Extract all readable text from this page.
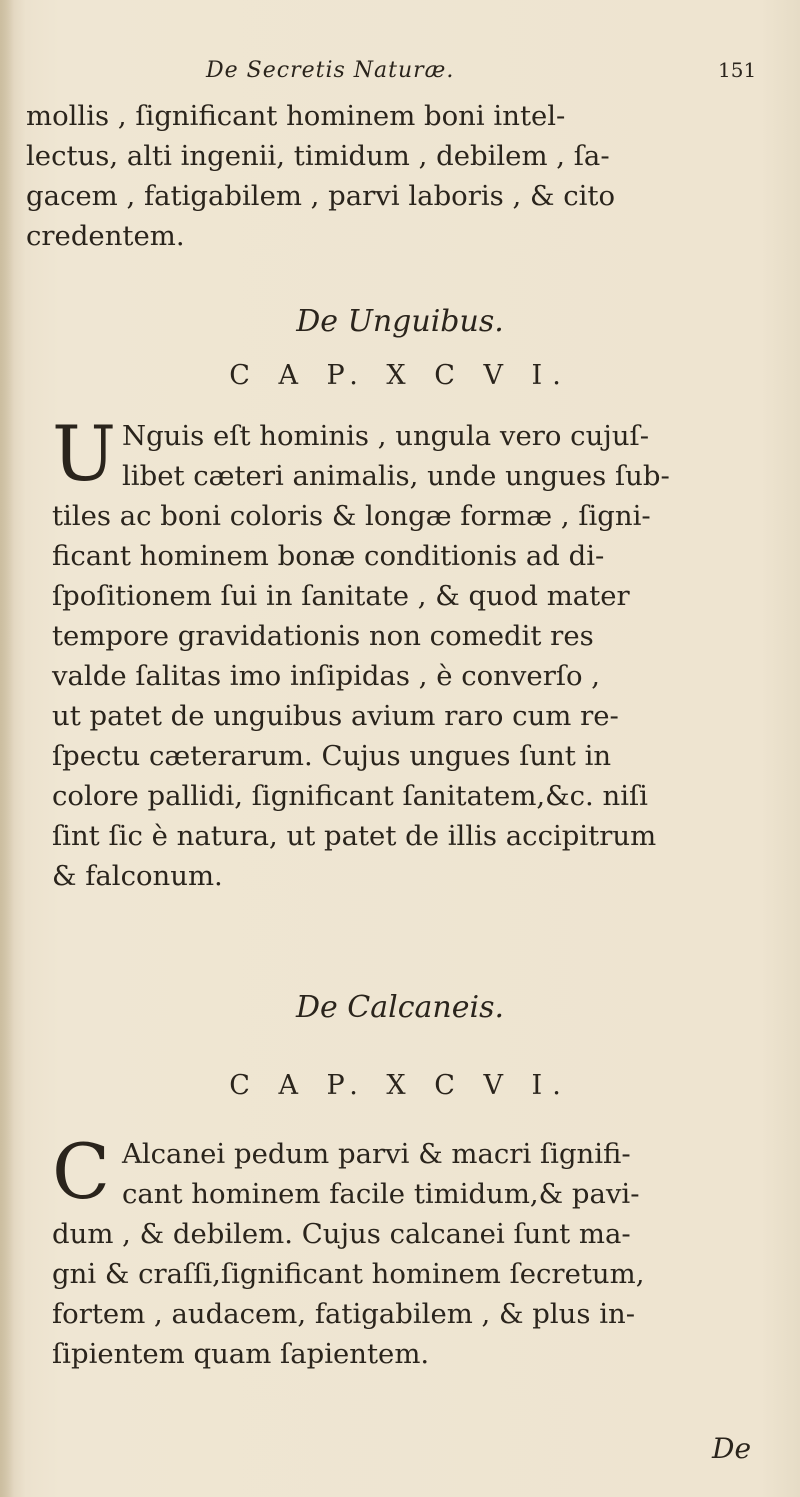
De Secretis Naturæ.	151
mollis , ſignificant hominem boni intel-
lectus, alti ingenii, timidum , debilem , ſa-
gacem , fatigabilem , parvi laboris , & cito
credentem.
De Unguibus.
C A P. X C V I.
U Nguis eſt hominis , ungula vero cujuſ-
libet cæteri animalis, unde ungues ſub-
tiles ac boni coloris & longæ formæ , ſigni-
ficant hominem bonæ conditionis ad di-
ſpoſitionem ſui in ſanitate , & quod mater
tempore gravidationis non comedit res
valde ſalitas imo inſipidas , è converſo ,
ut patet de unguibus avium raro cum re-
ſpectu cæterarum. Cujus ungues ſunt in
colore pallidi, ſignificant ſanitatem,&c. niſi
ſint ſic è natura, ut patet de illis accipitrum
& falconum.
De Calcaneis.
C A P. X C V I.
C Alcanei pedum parvi & macri ſignifi-
cant hominem facile timidum,& pavi-
dum , & debilem. Cujus calcanei ſunt ma-
gni & craſſi,ſignificant hominem ſecretum,
fortem , audacem, fatigabilem , & plus in-
ſipientem quam ſapientem.
De
